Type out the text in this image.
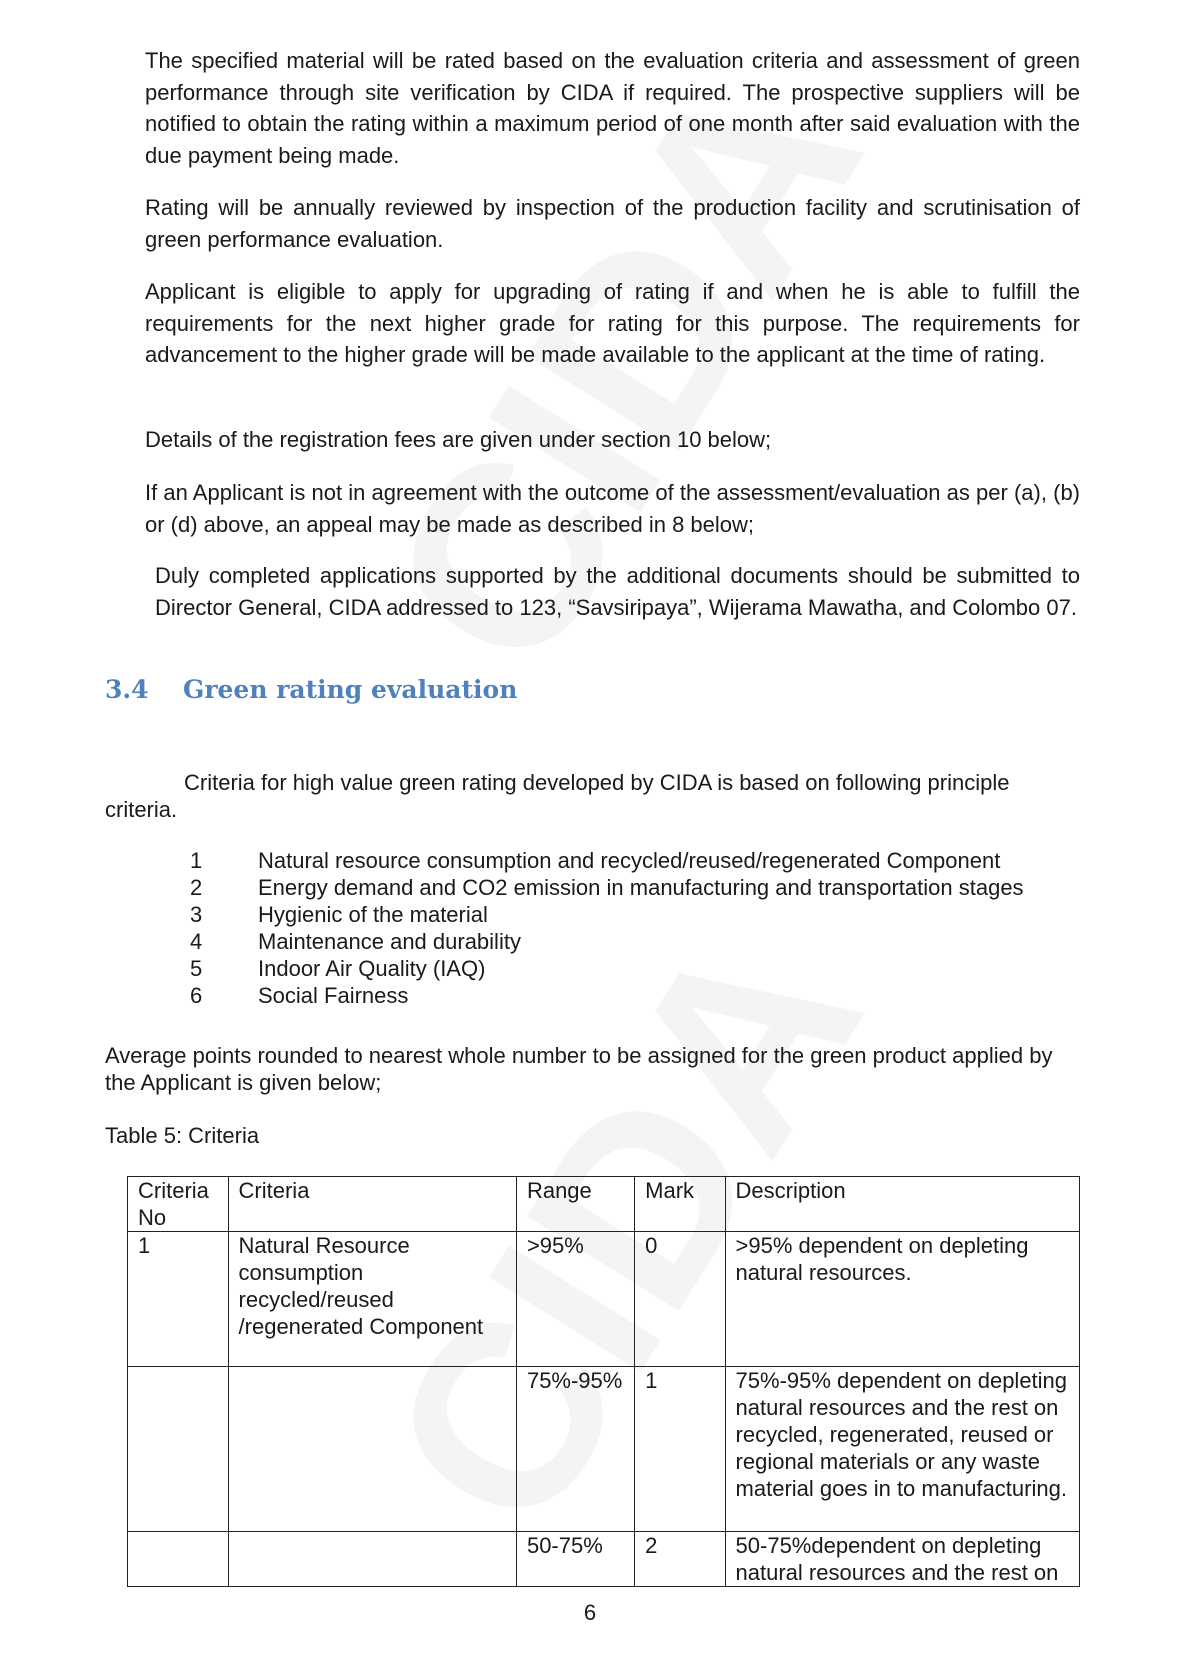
The specified material will be rated based on the evaluation criteria and assessment of green performance through site verification by CIDA if required. The prospective suppliers will be notified to obtain the rating within a maximum period of one month after said evaluation with the due payment being made.

Rating will be annually reviewed by inspection of the production facility and scrutinisation of green performance evaluation.

Applicant is eligible to apply for upgrading of rating if and when he is able to fulfill the requirements for the next higher grade for rating for this purpose. The requirements for advancement to the higher grade will be made available to the applicant at the time of rating.

Details of the registration fees are given under section 10 below;

If an Applicant is not in agreement with the outcome of the assessment/evaluation as per (a), (b) or (d) above, an appeal may be made as described in 8 below;

Duly completed applications supported by the additional documents should be submitted to Director General, CIDA addressed to 123, “Savsiripaya”, Wijerama Mawatha, and Colombo 07.

3.4 Green rating evaluation

Criteria for high value green rating developed by CIDA is based on following principle criteria.

1	Natural resource consumption and recycled/reused/regenerated Component
2	Energy demand and CO2 emission in manufacturing and transportation stages
3	Hygienic of the material
4	Maintenance and durability
5	Indoor Air Quality (IAQ)
6	Social Fairness

Average points rounded to nearest whole number to be assigned for the green product applied by the Applicant is given below;

Table 5: Criteria

Criteria No	Criteria	Range	Mark	Description
1	Natural Resource consumption recycled/reused /regenerated Component	>95%	0	>95% dependent on depleting natural resources.
		75%-95%	1	75%-95% dependent on depleting natural resources and the rest on recycled, regenerated, reused or regional materials or any waste material goes in to manufacturing.
		50-75%	2	50-75%dependent on depleting natural resources and the rest on

6
